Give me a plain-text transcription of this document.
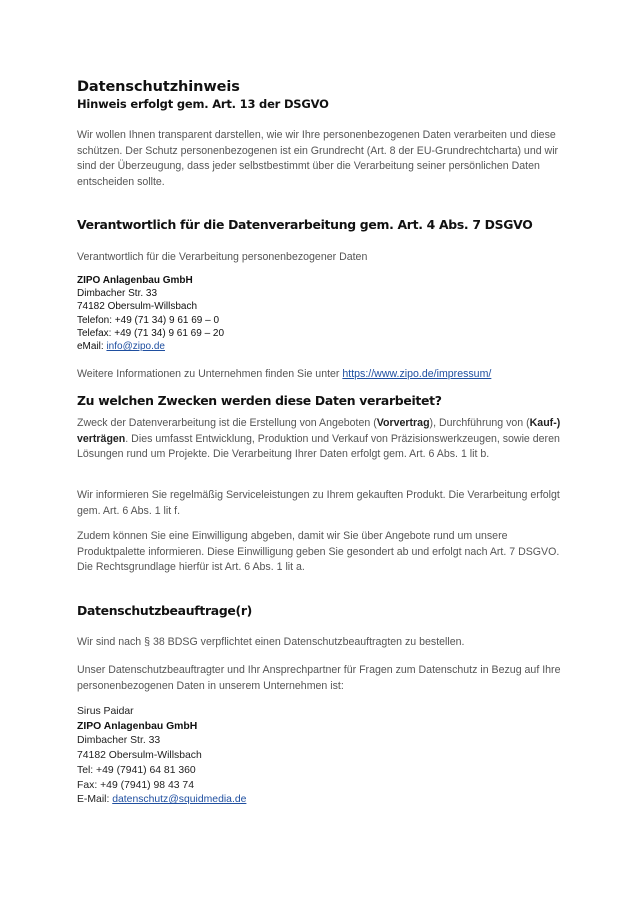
Datenschutzhinweis
Hinweis erfolgt gem. Art. 13 der DSGVO

Wir wollen Ihnen transparent darstellen, wie wir Ihre personenbezogenen Daten verarbeiten und diese schützen. Der Schutz personenbezogenen ist ein Grundrecht (Art. 8 der EU-Grundrechtcharta) und wir sind der Überzeugung, dass jeder selbstbestimmt über die Verarbeitung seiner persönlichen Daten entscheiden sollte.

Verantwortlich für die Datenverarbeitung gem. Art. 4 Abs. 7 DSGVO

Verantwortlich für die Verarbeitung personenbezogener Daten

ZIPO Anlagenbau GmbH
Dimbacher Str. 33
74182 Obersulm-Willsbach
Telefon: +49 (71 34) 9 61 69 – 0
Telefax: +49 (71 34) 9 61 69 – 20
eMail: info@zipo.de

Weitere Informationen zu Unternehmen finden Sie unter https://www.zipo.de/impressum/

Zu welchen Zwecken werden diese Daten verarbeitet?

Zweck der Datenverarbeitung ist die Erstellung von Angeboten (Vorvertrag), Durchführung von (Kauf-) verträgen. Dies umfasst Entwicklung, Produktion und Verkauf von Präzisionswerkzeugen, sowie deren Lösungen rund um Projekte. Die Verarbeitung Ihrer Daten erfolgt gem. Art. 6 Abs. 1 lit b.

Wir informieren Sie regelmäßig Serviceleistungen zu Ihrem gekauften Produkt. Die Verarbeitung erfolgt gem. Art. 6 Abs. 1 lit f.

Zudem können Sie eine Einwilligung abgeben, damit wir Sie über Angebote rund um unsere Produktpalette informieren. Diese Einwilligung geben Sie gesondert ab und erfolgt nach Art. 7 DSGVO. Die Rechtsgrundlage hierfür ist Art. 6 Abs. 1 lit a.

Datenschutzbeauftrage(r)

Wir sind nach § 38 BDSG verpflichtet einen Datenschutzbeauftragten zu bestellen.

Unser Datenschutzbeauftragter und Ihr Ansprechpartner für Fragen zum Datenschutz in Bezug auf Ihre personenbezogenen Daten in unserem Unternehmen ist:

Sirus Paidar
ZIPO Anlagenbau GmbH
Dimbacher Str. 33
74182 Obersulm-Willsbach
Tel: +49 (7941) 64 81 360
Fax: +49 (7941) 98 43 74
E-Mail: datenschutz@squidmedia.de
